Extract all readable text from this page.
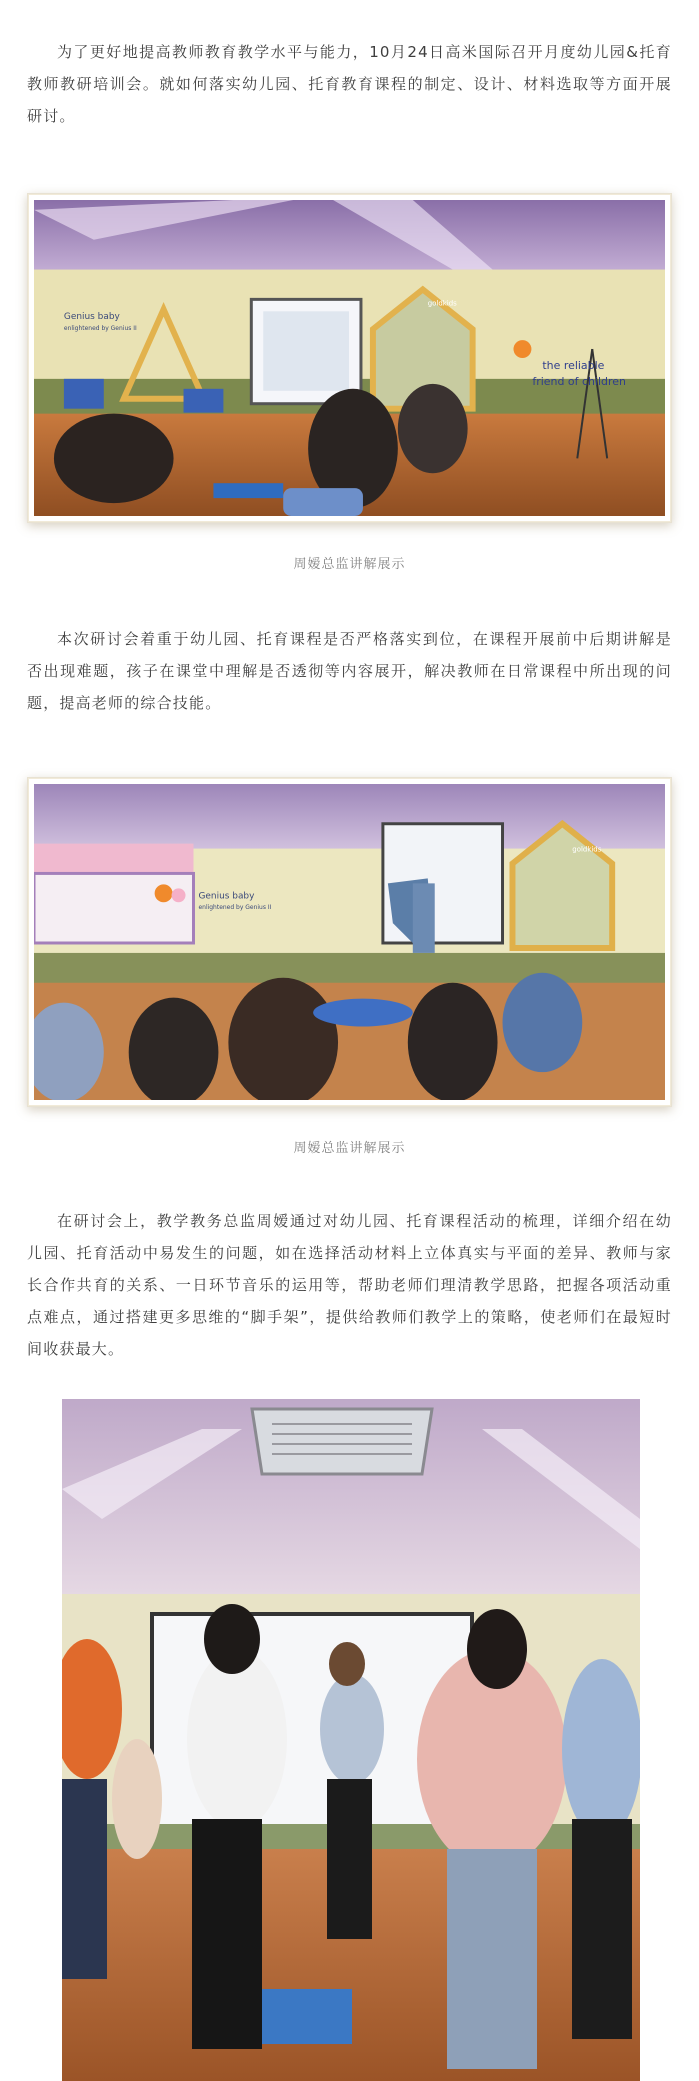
为了更好地提高教师教育教学水平与能力，10月24日高米国际召开月度幼儿园&托育教师教研培训会。就如何落实幼儿园、托育教育课程的制定、设计、材料选取等方面开展研讨。

Genius baby
enlightened by Genius II
the reliable
friend of children
goldkids

周嫒总监讲解展示

本次研讨会着重于幼儿园、托育课程是否严格落实到位，在课程开展前中后期讲解是否出现难题，孩子在课堂中理解是否透彻等内容展开，解决教师在日常课程中所出现的问题，提高老师的综合技能。

Genius baby
enlightened by Genius II
goldkids

周嫒总监讲解展示

在研讨会上，教学教务总监周嫒通过对幼儿园、托育课程活动的梳理，详细介绍在幼儿园、托育活动中易发生的问题，如在选择活动材料上立体真实与平面的差异、教师与家长合作共育的关系、一日环节音乐的运用等，帮助老师们理清教学思路，把握各项活动重点难点，通过搭建更多思维的“脚手架”，提供给教师们教学上的策略，使老师们在最短时间收获最大。
